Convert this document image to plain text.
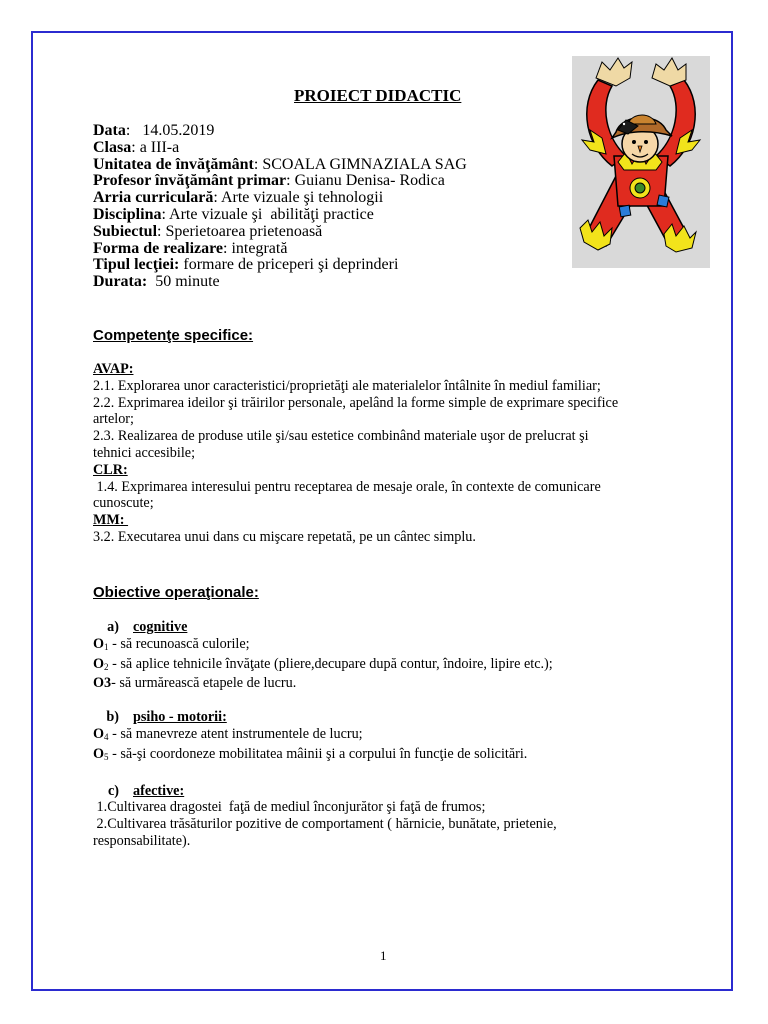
PROIECT DIDACTIC
Data:   14.05.2019
Clasa: a III-a
Unitatea de învăţământ: SCOALA GIMNAZIALA SAG
Profesor învăţământ primar: Guianu Denisa- Rodica
Arria curriculară: Arte vizuale şi tehnologii
Disciplina: Arte vizuale şi  abilităţi practice
Subiectul: Sperietoarea prietenoasă
Forma de realizare: integrată
Tipul lecţiei: formare de priceperi şi deprinderi
Durata:  50 minute
Competenţe specifice:
AVAP:
2.1. Explorarea unor caracteristici/proprietăţi ale materialelor întâlnite în mediul familiar;
2.2. Exprimarea ideilor şi trăirilor personale, apelând la forme simple de exprimare specifice
artelor;
2.3. Realizarea de produse utile şi/sau estetice combinând materiale uşor de prelucrat şi
tehnici accesibile;
CLR:
1.4. Exprimarea interesului pentru receptarea de mesaje orale, în contexte de comunicare
cunoscute;
MM:
3.2. Executarea unui dans cu mişcare repetată, pe un cântec simplu.
Obiective operaţionale:
a) cognitive
$O_1$ - să recunoască culorile;
$O_2$ - să aplice tehnicile învăţate (pliere,decupare după contur, îndoire, lipire etc.);
O3- să urmărească etapele de lucru.
b) psiho - motorii:
$O_4$ - să manevreze atent instrumentele de lucru;
$O_5$ - să-şi coordoneze mobilitatea mâinii şi a corpului în funcţie de solicitări.
c) afective:
1.Cultivarea dragostei  faţă de mediul înconjurător şi faţă de frumos;
2.Cultivarea trăsăturilor pozitive de comportament ( hărnicie, bunătate, prietenie,
responsabilitate).
1
